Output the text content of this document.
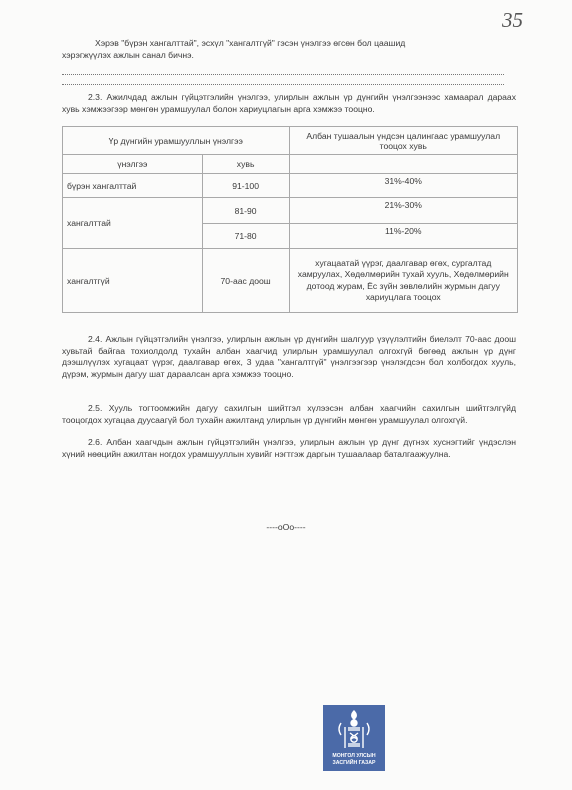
35
Хэрэв "бүрэн хангалттай", эсхүл "хангалтгүй" гэсэн үнэлгээ өгсөн бол цаашид
хэрэгжүүлэх ажлын санал бичнэ.
2.3. Ажилчдад ажлын гүйцэтгэлийн үнэлгээ, улирлын ажлын үр дүнгийн үнэлгээнээс хамаарал дараах хувь хэмжээгээр мөнгөн урамшуулал болон хариуцлагын арга хэмжээ тооцно.
Үр дүнгийн урамшууллын үнэлгээ		Албан тушаалын үндсэн цалингаас урамшуулал тооцох хувь
үнэлгээ	хувь	
бүрэн хангалттай	91-100	31%-40%
хангалттай	81-90	21%-30%
	71-80	11%-20%
хангалтгүй	70-аас доош	хугацаатай үүрэг, даалгавар өгөх, сургалтад хамруулах, Хөдөлмөрийн тухай хууль, Хөдөлмөрийн дотоод журам, Ёс зүйн зөвлөлийн журмын дагуу хариуцлага тооцох
2.4. Ажлын гүйцэтгэлийн үнэлгээ, улирлын ажлын үр дүнгийн шалгуур үзүүлэлтийн биелэлт 70-аас доош хувьтай байгаа тохиолдолд тухайн албан хаагчид улирлын урамшуулал олгохгүй бөгөөд ажлын үр дүнг дээшлүүлэх хугацаат үүрэг, даалгавар өгөх, 3 удаа "хангалтгүй" үнэлгээгээр үнэлэгдсэн бол холбогдох хууль, дүрэм, журмын дагуу шат дараалсан арга хэмжээ тооцно.
2.5. Хууль тогтоомжийн дагуу сахилгын шийтгэл хүлээсэн албан хаагчийн сахилгын шийтгэлгүйд тооцогдох хугацаа дуусаагүй бол тухайн ажилтанд улирлын үр дүнгийн мөнгөн урамшуулал олгохгүй.
2.6. Албан хаагчдын ажлын гүйцэтгэлийн үнэлгээ, улирлын ажлын үр дүнг дүгнэх хуснэгтийг үндэслэн хүний нөөцийн ажилтан ногдох урамшууллын хувийг нэгтгэж даргын тушаалаар баталгаажуулна.
----оОо----
МОНГОЛ УЛСЫН
ЗАСГИЙН ГАЗАР
